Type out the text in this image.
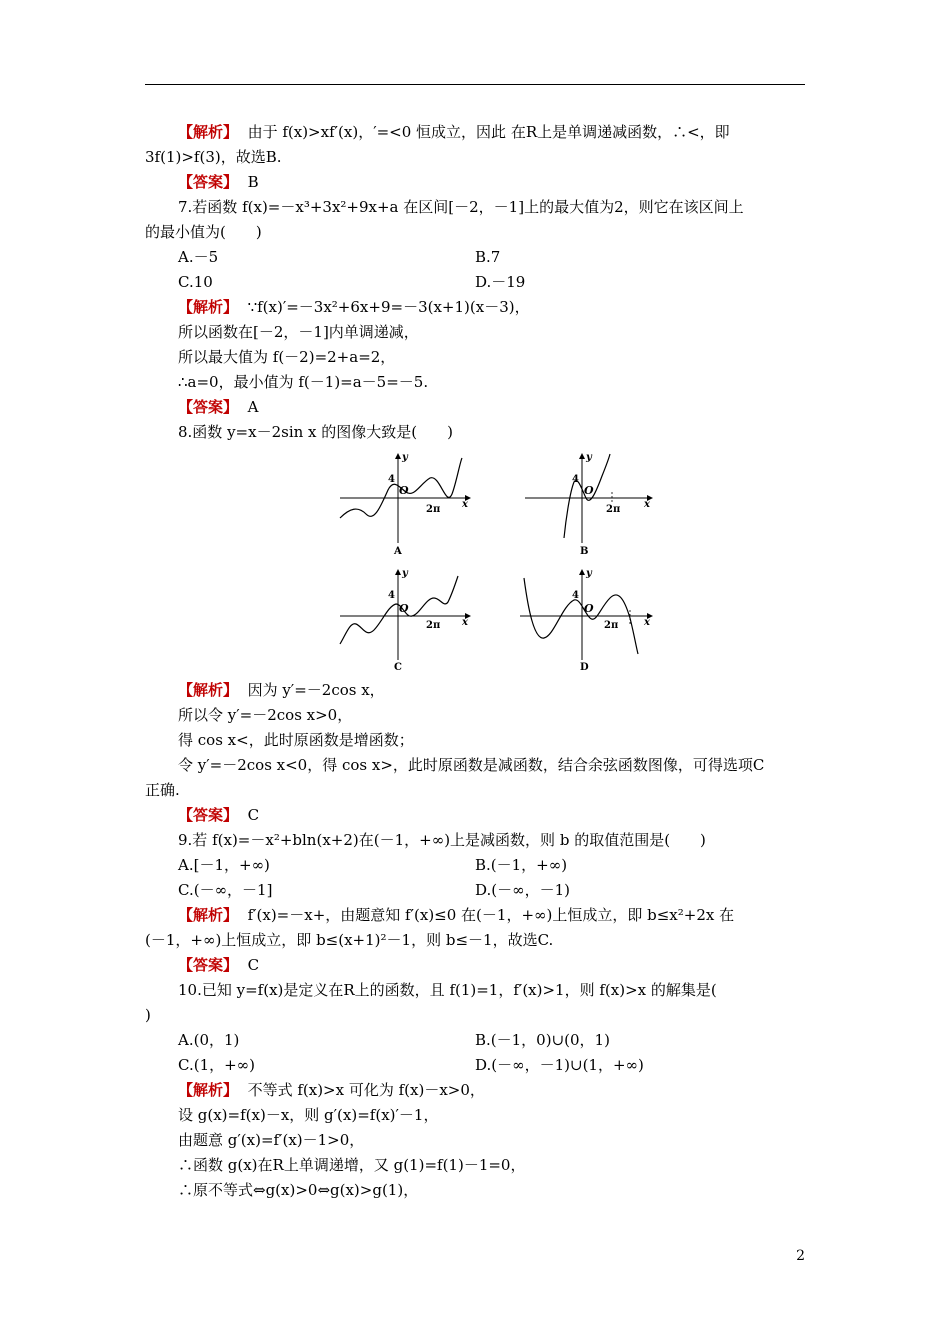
【解析】 由于 f(x)>xf′(x)，′=<0 恒成立，因此 在R上是单调递减函数，∴<，即
3f(1)>f(3)，故选B.
【答案】 B
7.若函数 f(x)=－x³+3x²+9x+a 在区间[－2，－1]上的最大值为2，则它在该区间上
的最小值为(　　)
A.－5	B.7
C.10	D.－19
【解析】 ∵f(x)′=－3x²+6x+9=－3(x+1)(x－3)，
所以函数在[－2，－1]内单调递减，
所以最大值为 f(－2)=2+a=2，
∴a=0，最小值为 f(－1)=a－5=－5.
【答案】 A
8.函数 y=x－2sin x 的图像大致是(　　)
y
4
O
2π x
A
y
4
O
2π x
B
y
4
O
2π x
C
y
4
O
2π	x
D
【解析】 因为 y′=－2cos x，
所以令 y′=－2cos x>0，
得 cos x<，此时原函数是增函数；
令 y′=－2cos x<0，得 cos x>，此时原函数是减函数，结合余弦函数图像，可得选项C
正确.
【答案】 C
9.若 f(x)=－x²+bln(x+2)在(－1，+∞)上是减函数，则 b 的取值范围是(　　)
A.[－1，+∞)	B.(－1，+∞)
C.(－∞，－1]	D.(－∞，－1)
【解析】 f′(x)=－x+，由题意知 f′(x)≤0 在(－1，+∞)上恒成立，即 b≤x²+2x 在
(－1，+∞)上恒成立，即 b≤(x+1)²－1，则 b≤－1，故选C.
【答案】 C
10.已知 y=f(x)是定义在R上的函数，且 f(1)=1，f′(x)>1，则 f(x)>x 的解集是(
)
A.(0，1)	B.(－1，0)∪(0，1)
C.(1，+∞)	D.(－∞，－1)∪(1，+∞)
【解析】 不等式 f(x)>x 可化为 f(x)－x>0，
设 g(x)=f(x)－x，则 g′(x)=f(x)′－1，
由题意 g′(x)=f′(x)－1>0，
∴函数 g(x)在R上单调递增，又 g(1)=f(1)－1=0，
∴原不等式⇔g(x)>0⇔g(x)>g(1)，
2
